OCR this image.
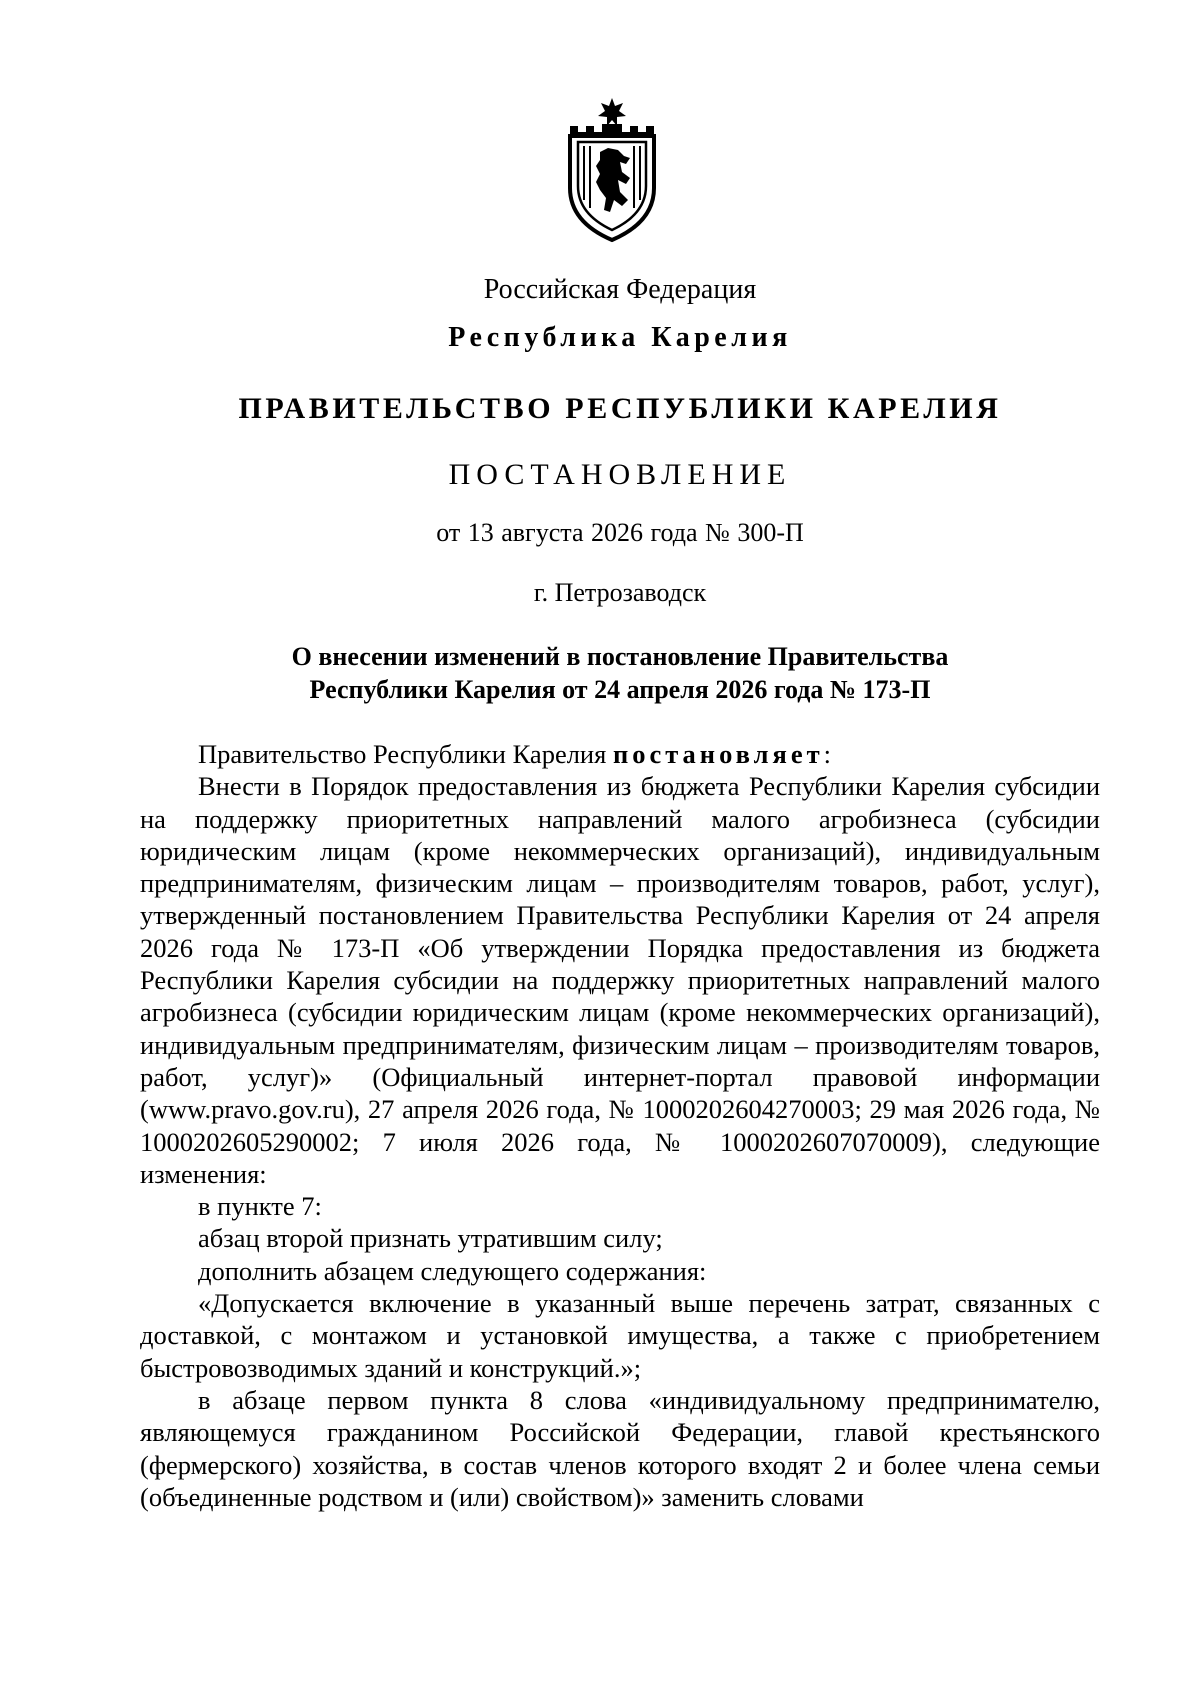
Российская Федерация
Республика Карелия
ПРАВИТЕЛЬСТВО РЕСПУБЛИКИ КАРЕЛИЯ
ПОСТАНОВЛЕНИЕ
от 13 августа 2026 года № 300-П
г. Петрозаводск
О внесении изменений в постановление Правительства
Республики Карелия от 24 апреля 2026 года № 173-П

Правительство Республики Карелия постановляет:

Внести в Порядок предоставления из бюджета Республики Карелия субсидии на поддержку приоритетных направлений малого агробизнеса (субсидии юридическим лицам (кроме некоммерческих организаций), индивидуальным предпринимателям, физическим лицам – производителям товаров, работ, услуг), утвержденный постановлением Правительства Республики Карелия от 24 апреля 2026 года № 173-П «Об утверждении Порядка предоставления из бюджета Республики Карелия субсидии на поддержку приоритетных направлений малого агробизнеса (субсидии юридическим лицам (кроме некоммерческих организаций), индивидуальным предпринимателям, физическим лицам – производителям товаров, работ, услуг)» (Официальный интернет-портал правовой информации (www.pravo.gov.ru), 27 апреля 2026 года, № 1000202604270003; 29 мая 2026 года, № 1000202605290002; 7 июля 2026 года, № 1000202607070009), следующие изменения:

в пункте 7:

абзац второй признать утратившим силу;

дополнить абзацем следующего содержания:

«Допускается включение в указанный выше перечень затрат, связанных с доставкой, с монтажом и установкой имущества, а также с приобретением быстровозводимых зданий и конструкций.»;

в абзаце первом пункта 8 слова «индивидуальному предпринимателю, являющемуся гражданином Российской Федерации, главой крестьянского (фермерского) хозяйства, в состав членов которого входят 2 и более члена семьи (объединенные родством и (или) свойством)» заменить словами
